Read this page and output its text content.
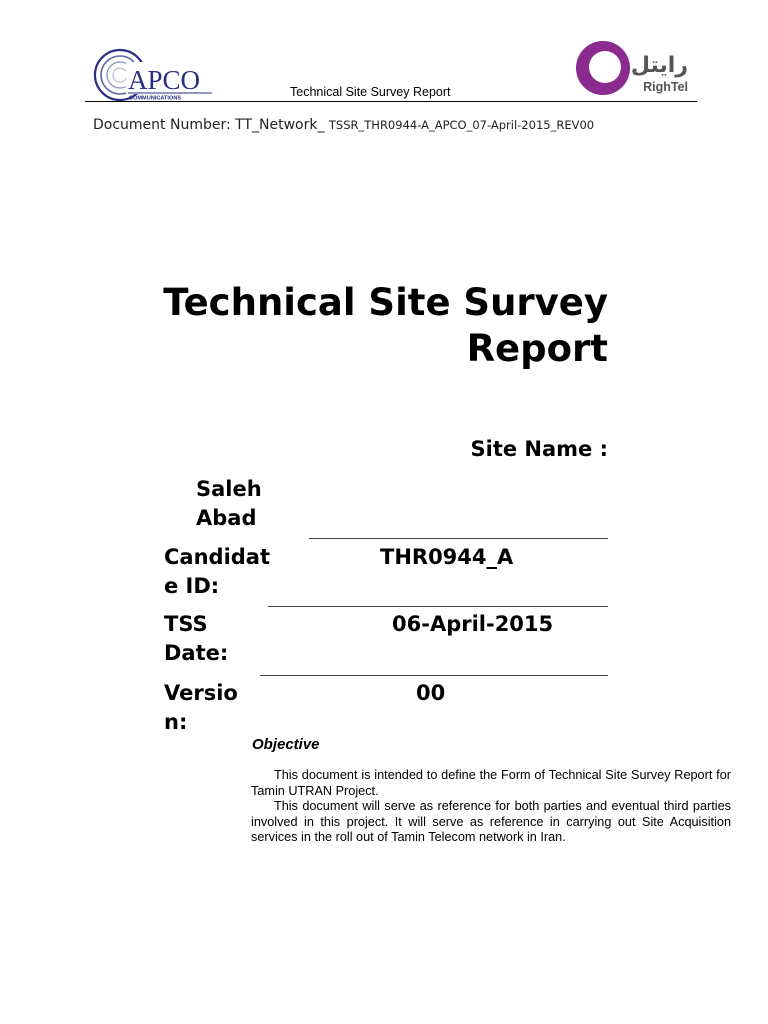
APCO
COMMUNICATIONS	Technical Site Survey Report
رايتل
RighTel
Document Number: TT_Network_ TSSR_THR0944-A_APCO_07-April-2015_REV00
Technical Site Survey
Report
Site Name :
Saleh
Abad
Candidat
e ID:
THR0944_A
TSS
Date:
06-April-2015
Versio
n:
00
Objective

This document is intended to define the Form of Technical Site Survey Report for Tamin UTRAN Project.

This document will serve as reference for both parties and eventual third parties involved in this project. It will serve as reference in carrying out Site Acquisition services in the roll out of Tamin Telecom network in Iran.
